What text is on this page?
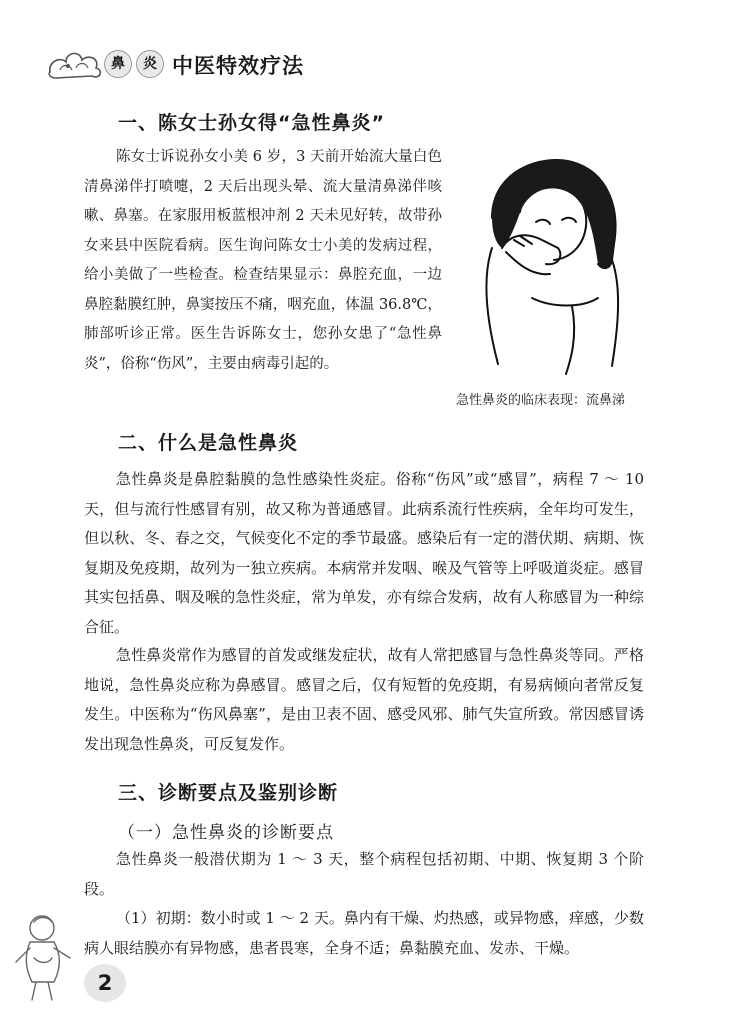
鼻	炎 中医特效疗法
一、陈女士孙女得“急性鼻炎”

陈女士诉说孙女小美 6 岁，3 天前开始流大量白色清鼻涕伴打喷嚏，2 天后出现头晕、流大量清鼻涕伴咳嗽、鼻塞。在家服用板蓝根冲剂 2 天未见好转，故带孙女来县中医院看病。医生询问陈女士小美的发病过程，给小美做了一些检查。检查结果显示：鼻腔充血，一边鼻腔黏膜红肿，鼻窦按压不痛，咽充血，体温 36.8℃，肺部听诊正常。医生告诉陈女士，您孙女患了“急性鼻炎”，俗称“伤风”，主要由病毒引起的。

急性鼻炎的临床表现：流鼻涕
二、什么是急性鼻炎

急性鼻炎是鼻腔黏膜的急性感染性炎症。俗称“伤风”或“感冒”，病程 7 ～ 10 天，但与流行性感冒有别，故又称为普通感冒。此病系流行性疾病，全年均可发生，但以秋、冬、春之交，气候变化不定的季节最盛。感染后有一定的潜伏期、病期、恢复期及免疫期，故列为一独立疾病。本病常并发咽、喉及气管等上呼吸道炎症。感冒其实包括鼻、咽及喉的急性炎症，常为单发，亦有综合发病，故有人称感冒为一种综合征。

急性鼻炎常作为感冒的首发或继发症状，故有人常把感冒与急性鼻炎等同。严格地说，急性鼻炎应称为鼻感冒。感冒之后，仅有短暂的免疫期，有易病倾向者常反复发生。中医称为“伤风鼻塞”，是由卫表不固、感受风邪、肺气失宣所致。常因感冒诱发出现急性鼻炎，可反复发作。

三、诊断要点及鉴别诊断
（一）急性鼻炎的诊断要点

急性鼻炎一般潜伏期为 1 ～ 3 天，整个病程包括初期、中期、恢复期 3 个阶段。

（1）初期：数小时或 1 ～ 2 天。鼻内有干燥、灼热感，或异物感，痒感，少数病人眼结膜亦有异物感，患者畏寒，全身不适；鼻黏膜充血、发赤、干燥。

2
